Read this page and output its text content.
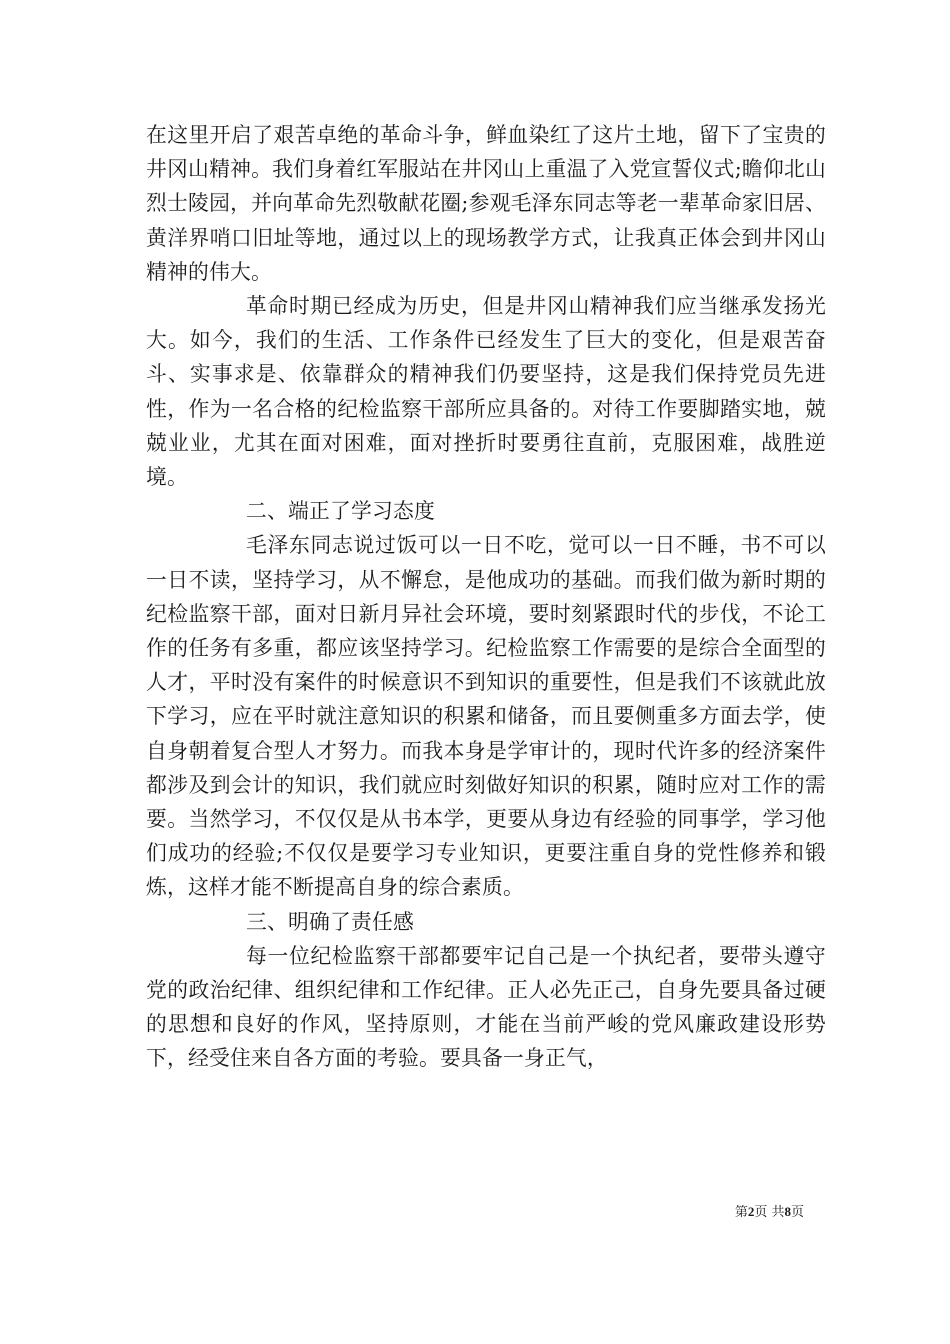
在这里开启了艰苦卓绝的革命斗争，鲜血染红了这片土地，留下了宝贵的井冈山精神。我们身着红军服站在井冈山上重温了入党宣誓仪式;瞻仰北山烈士陵园，并向革命先烈敬献花圈;参观毛泽东同志等老一辈革命家旧居、黄洋界哨口旧址等地，通过以上的现场教学方式，让我真正体会到井冈山精神的伟大。

革命时期已经成为历史，但是井冈山精神我们应当继承发扬光大。如今，我们的生活、工作条件已经发生了巨大的变化，但是艰苦奋斗、实事求是、依靠群众的精神我们仍要坚持，这是我们保持党员先进性，作为一名合格的纪检监察干部所应具备的。对待工作要脚踏实地，兢兢业业，尤其在面对困难，面对挫折时要勇往直前，克服困难，战胜逆境。

二、端正了学习态度

毛泽东同志说过饭可以一日不吃，觉可以一日不睡，书不可以一日不读，坚持学习，从不懈怠，是他成功的基础。而我们做为新时期的纪检监察干部，面对日新月异社会环境，要时刻紧跟时代的步伐，不论工作的任务有多重，都应该坚持学习。纪检监察工作需要的是综合全面型的人才，平时没有案件的时候意识不到知识的重要性，但是我们不该就此放下学习，应在平时就注意知识的积累和储备，而且要侧重多方面去学，使自身朝着复合型人才努力。而我本身是学审计的，现时代许多的经济案件都涉及到会计的知识，我们就应时刻做好知识的积累，随时应对工作的需要。当然学习，不仅仅是从书本学，更要从身边有经验的同事学，学习他们成功的经验;不仅仅是要学习专业知识，更要注重自身的党性修养和锻炼，这样才能不断提高自身的综合素质。

三、明确了责任感

每一位纪检监察干部都要牢记自己是一个执纪者，要带头遵守党的政治纪律、组织纪律和工作纪律。正人必先正己，自身先要具备过硬的思想和良好的作风，坚持原则，才能在当前严峻的党风廉政建设形势下，经受住来自各方面的考验。要具备一身正气，

第2页 共8页
